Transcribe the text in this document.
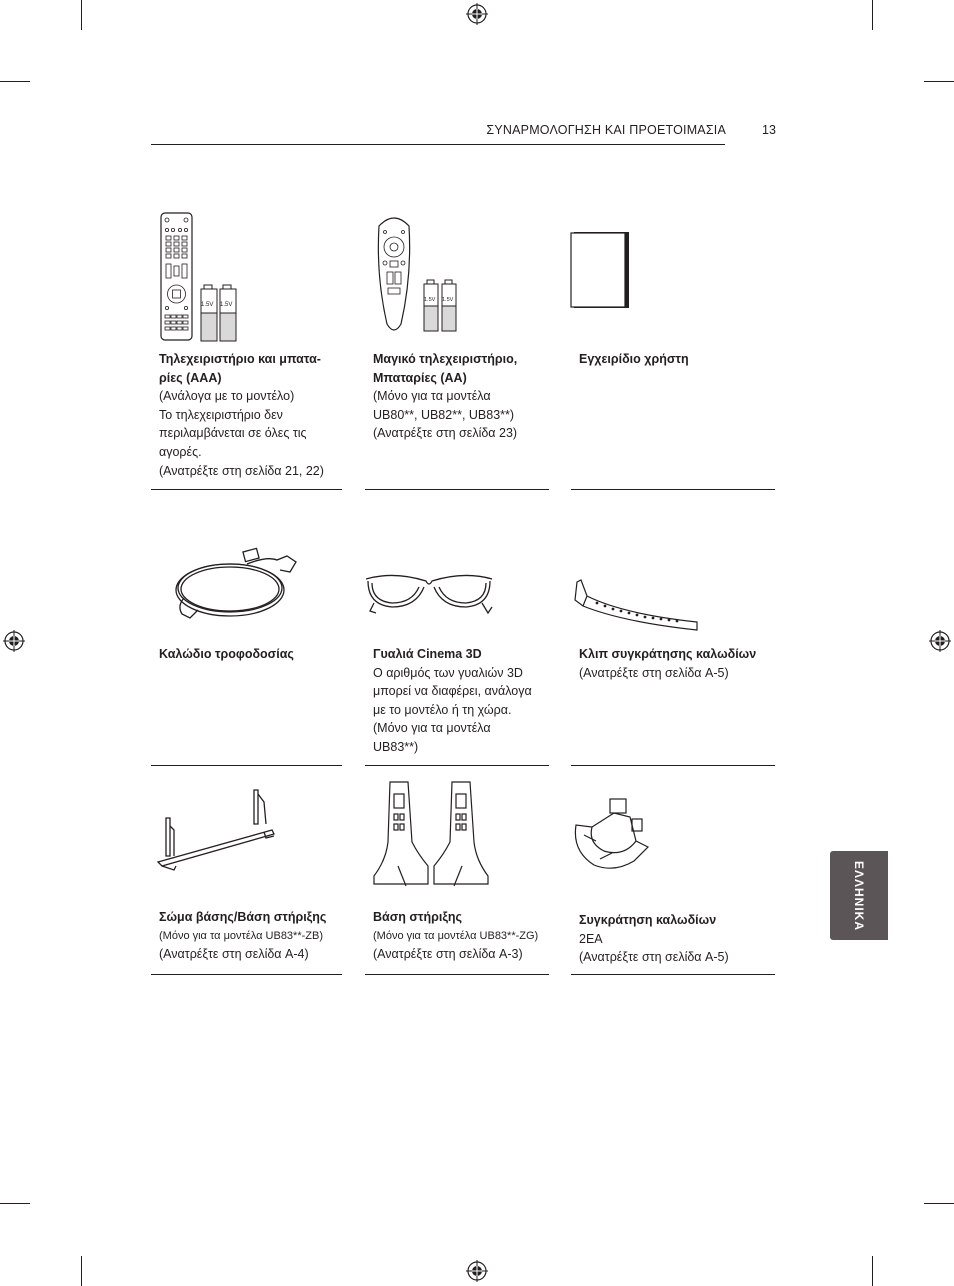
ΣΥΝΑΡΜΟΛΟΓΗΣΗ ΚΑΙ ΠΡΟΕΤΟΙΜΑΣΙΑ	13
ΕΛΛΗΝΙΚΑ
1.5V 1.5V
1.5V 1.5V
Τηλεχειριστήριο και μπατα-
ρίες (AAA)
(Ανάλογα με το μοντέλο)
Το τηλεχειριστήριο δεν
περιλαμβάνεται σε όλες τις
αγορές.
(Ανατρέξτε στη σελίδα 21, 22)
Μαγικό τηλεχειριστήριο,
Μπαταρίες (AA)
(Μόνο για τα μοντέλα
UB80**, UB82**, UB83**)
(Ανατρέξτε στη σελίδα 23)
Εγχειρίδιο χρήστη
Καλώδιο τροφοδοσίας	Γυαλιά Cinema 3D
Ο αριθμός των γυαλιών 3D
μπορεί να διαφέρει, ανάλογα
με το μοντέλο ή τη χώρα.
(Μόνο για τα μοντέλα
UB83**)
Κλιπ συγκράτησης καλωδίων
(Ανατρέξτε στη σελίδα A-5)
Σώμα βάσης/Βάση στήριξης
(Μόνο για τα μοντέλα UB83**-ZB)
(Ανατρέξτε στη σελίδα A-4)
Βάση στήριξης
(Μόνο για τα μοντέλα UB83**-ZG)
(Ανατρέξτε στη σελίδα A-3)
Συγκράτηση καλωδίων
2EA
(Ανατρέξτε στη σελίδα A-5)
